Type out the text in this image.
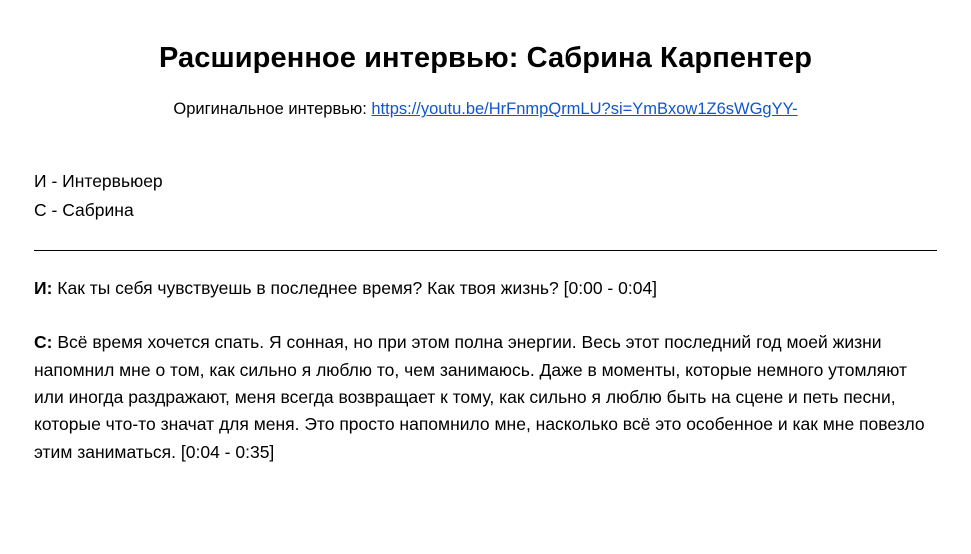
Расширенное интервью: Сабрина Карпентер

Оригинальное интервью: https://youtu.be/HrFnmpQrmLU?si=YmBxow1Z6sWGgYY-

И - Интервьюер
С - Сабрина

И: Как ты себя чувствуешь в последнее время? Как твоя жизнь? [0:00 - 0:04]

С: Всё время хочется спать. Я сонная, но при этом полна энергии. Весь этот последний год моей жизни напомнил мне о том, как сильно я люблю то, чем занимаюсь. Даже в моменты, которые немного утомляют или иногда раздражают, меня всегда возвращает к тому, как сильно я люблю быть на сцене и петь песни, которые что-то значат для меня. Это просто напомнило мне, насколько всё это особенное и как мне повезло этим заниматься. [0:04 - 0:35]
